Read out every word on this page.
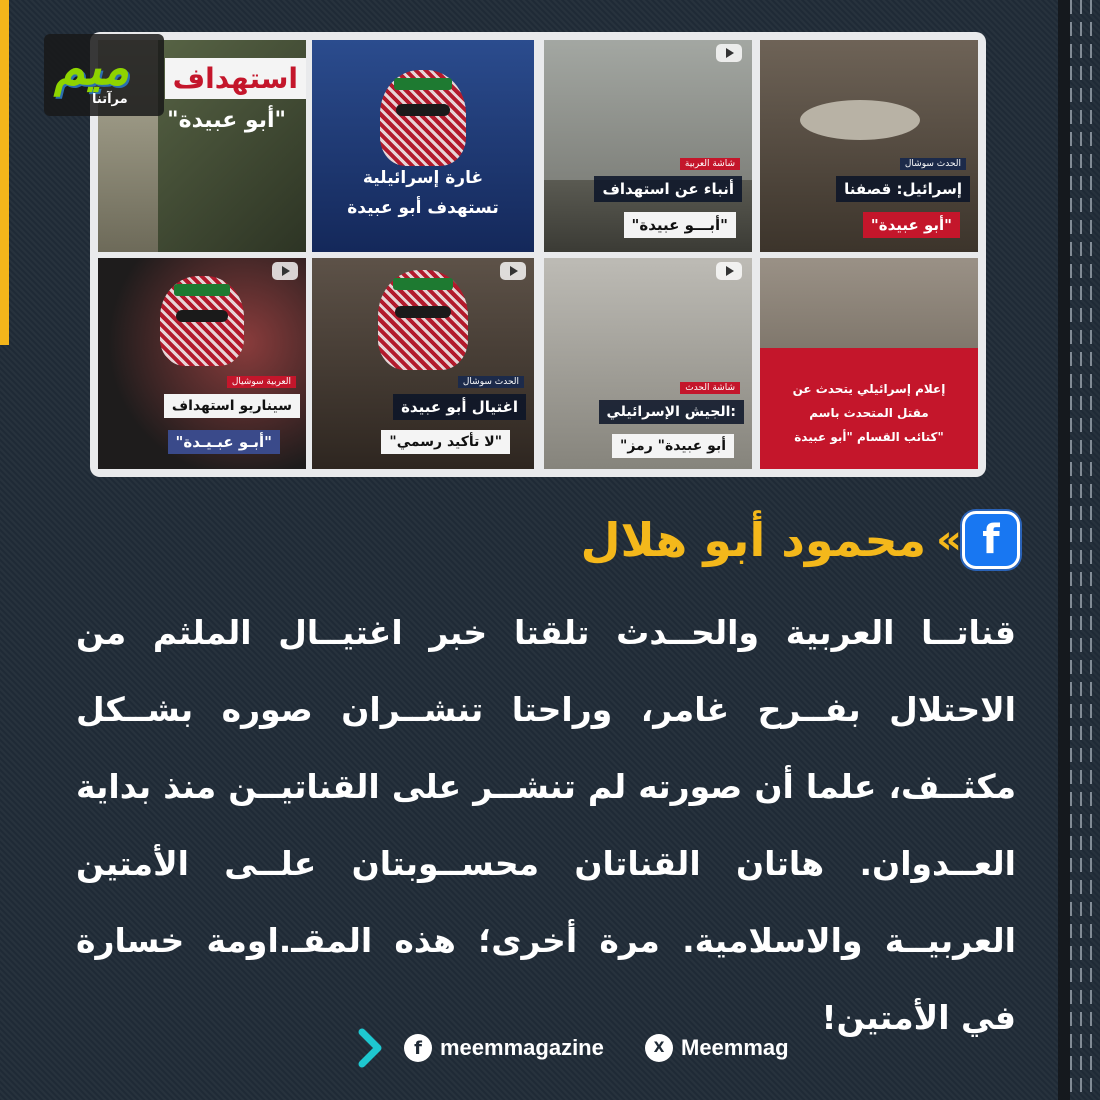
استهداف
"أبو عبيدة"
غارة إسرائيلية
تستهدف أبو عبيدة
شاشة العربية
أنباء عن استهداف
"أبـــو عبيدة"
الحدث سوشال
إسرائيل: قصفنا
"أبو عبيدة"
العربية سوشيال
سيناريو استهداف
"أبـو عبـيـدة"
الحدث سوشال
اغتيال أبو عبيدة
"لا تأكيد رسمي"
شاشة الحدث
الجيش الإسرائيلي:
"أبو عبيدة" رمز
إعلام إسرائيلي يتحدث عن
مقتل المتحدث باسم
كتائب القسام "أبو عبيدة"
ميم
مرآتنا
محمود أبو هلال « f
قناتــا العربية والحــدث تلقتا خبر اغتيــال الملثم من الاحتلال بفــرح غامر، وراحتا تنشــران صوره بشــكل مكثــف، علما أن صورته لم تنشــر على القناتيــن منذ بداية العــدوان. هاتان القناتان محســوبتان علــى الأمتين العربيــة والاسلامية. مرة أخرى؛ هذه المقـ.اومة خسارة في الأمتين!
f meemmagazine	X Meemmag
